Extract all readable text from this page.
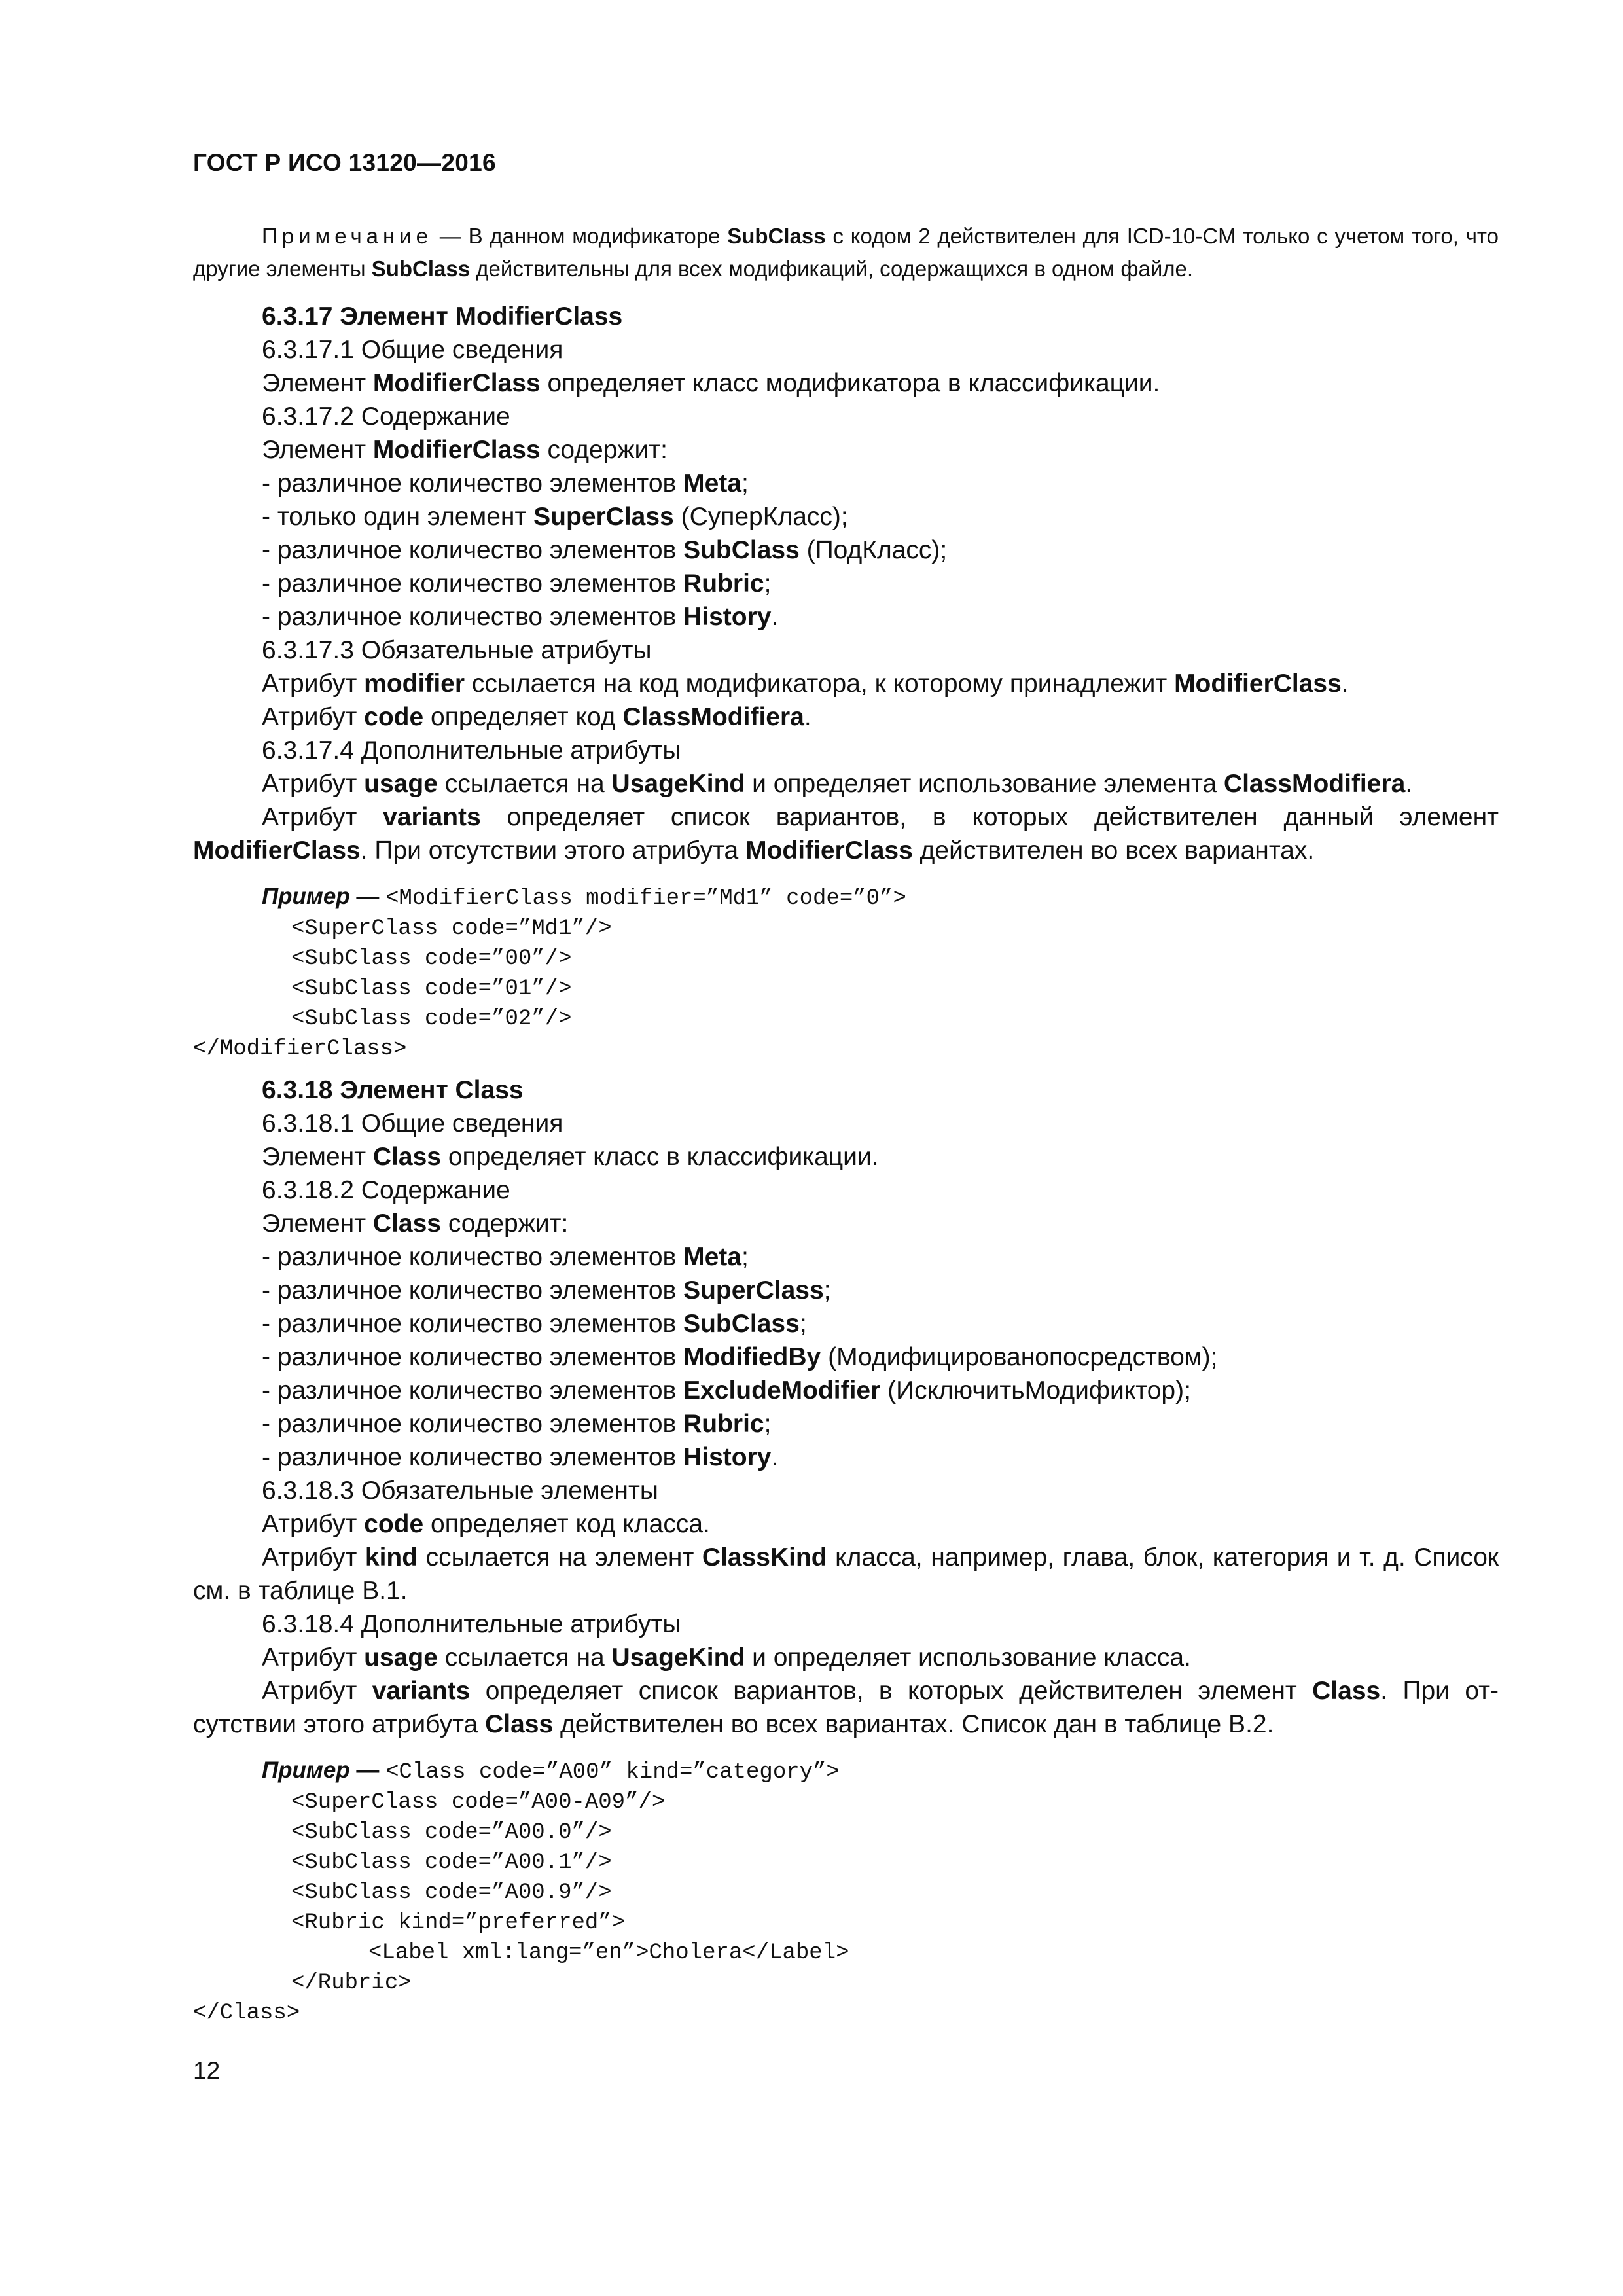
ГОСТ Р ИСО 13120—2016
Примечание — В данном модификаторе SubClass с кодом 2 действителен для ICD-10-CM только с учетом того, что другие элементы SubClass действительны для всех модификаций, содержащихся в одном файле.

6.3.17 Элемент ModifierClass

6.3.17.1 Общие сведения

Элемент ModifierClass определяет класс модификатора в классификации.

6.3.17.2 Содержание

Элемент ModifierClass содержит:

- различное количество элементов Meta;

- только один элемент SuperClass (СуперКласс);

- различное количество элементов SubClass (ПодКласс);

- различное количество элементов Rubric;

- различное количество элементов History.

6.3.17.3 Обязательные атрибуты

Атрибут modifier ссылается на код модификатора, к которому принадлежит ModifierClass.

Атрибут code определяет код ClassModifiera.

6.3.17.4 Дополнительные атрибуты

Атрибут usage ссылается на UsageKind и определяет использование элемента ClassModifiera.

Атрибут variants определяет список вариантов, в которых действителен данный элемент ModifierClass. При отсутствии этого атрибута ModifierClass действителен во всех вариантах.

Пример — <ModifierClass modifier=”Md1” code=”0”>
<SuperClass code=”Md1”/>
<SubClass code=”00”/>
<SubClass code=”01”/>
<SubClass code=”02”/>
</ModifierClass>

6.3.18 Элемент Class

6.3.18.1 Общие сведения

Элемент Class определяет класс в классификации.

6.3.18.2 Содержание

Элемент Class содержит:

- различное количество элементов Meta;

- различное количество элементов SuperClass;

- различное количество элементов SubClass;

- различное количество элементов ModifiedBy (Модифицированопосредством);

- различное количество элементов ExcludeModifier (ИсключитьМодификтор);

- различное количество элементов Rubric;

- различное количество элементов History.

6.3.18.3 Обязательные элементы

Атрибут code определяет код класса.

Атрибут kind ссылается на элемент ClassKind класса, например, глава, блок, категория и т. д. Список см. в таблице В.1.

6.3.18.4 Дополнительные атрибуты

Атрибут usage ссылается на UsageKind и определяет использование класса.

Атрибут variants определяет список вариантов, в которых действителен элемент Class. При от-сутствии этого атрибута Class действителен во всех вариантах. Список дан в таблице В.2.

Пример — <Class code=”A00” kind=”category”>
<SuperClass code=”A00-A09”/>
<SubClass code=”A00.0”/>
<SubClass code=”A00.1”/>
<SubClass code=”A00.9”/>
<Rubric kind=”preferred”>
<Label xml:lang=”en”>Cholera</Label>
</Rubric>
</Class>
12
